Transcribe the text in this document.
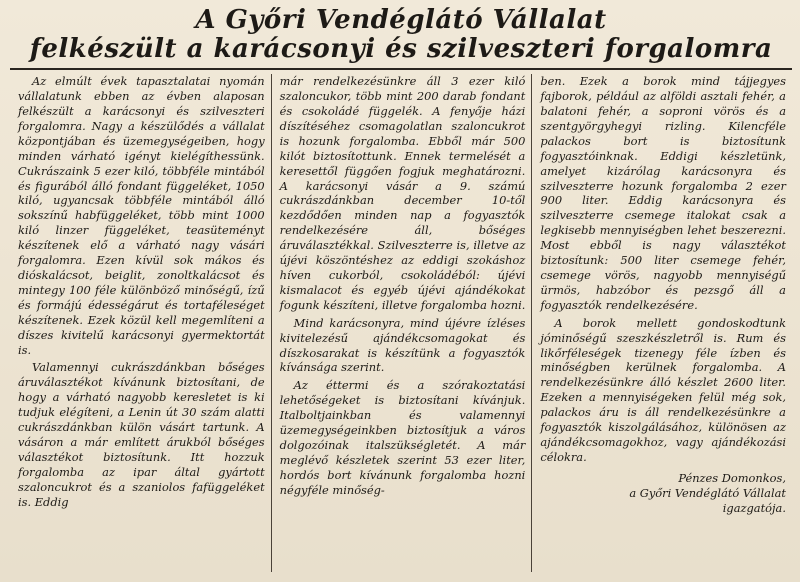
A Győri Vendéglátó Vállalat
felkészült a karácsonyi és szilveszteri forgalomra

Az elmúlt évek tapasztalatai nyomán vállalatunk ebben az évben alaposan felkészült a karácsonyi és szilveszteri forgalomra. Nagy a készülődés a vállalat központjában és üzemegységeiben, hogy minden várható igényt kielégíthessünk. Cukrászaink 5 ezer kiló, többféle mintából és figurából álló fondant függeléket, 1050 kiló, ugyancsak többféle mintából álló sokszínű habfüggeléket, több mint 1000 kiló linzer függeléket, teasüteményt készítenek elő a várható nagy vásári forgalomra. Ezen kívül sok mákos és dióskalácsot, beiglit, zonoltkalácsot és mintegy 100 féle különböző minőségű, ízű és formájú édességárut és tortaféleséget készítenek. Ezek közül kell megemlíteni a díszes kivitelű karácsonyi gyermektortát is.

Valamennyi cukrászdánkban bőséges áruválasztékot kívánunk biztosítani, de hogy a várható nagyobb keresletet is ki tudjuk elégíteni, a Lenin út 30 szám alatti cukrászdánkban külön vásárt tartunk. A vásáron a már említett árukból bőséges választékot biztosítunk. Itt hozzuk forgalomba az ipar által gyártott szaloncukrot és a szaniolos fafüggeléket is. Eddig

már rendelkezésünkre áll 3 ezer kiló szaloncukor, több mint 200 darab fondant és csokoládé függelék. A fenyője házi díszítéséhez csomagolatlan szaloncukrot is hozunk forgalomba. Ebből már 500 kilót biztosítottunk. Ennek termelését a keresettől függően fogjuk meghatározni. A karácsonyi vásár a 9. számú cukrászdánkban december 10-től kezdődően minden nap a fogyasztók rendelkezésére áll, bőséges áruválasztékkal. Szilveszterre is, illetve az újévi köszöntéshez az eddigi szokáshoz híven cukorból, csokoládéból: újévi kismalacot és egyéb újévi ajándékokat fogunk készíteni, illetve forgalomba hozni.

Mind karácsonyra, mind újévre ízléses kivitelezésű ajándékcsomagokat és díszkosarakat is készítünk a fogyasztók kívánsága szerint.

Az éttermi és a szórakoztatási lehetőségeket is biztosítani kívánjuk. Italboltjainkban és valamennyi üzemegységeinkben biztosítjuk a város dolgozóinak italszükségletét. A már meglévő készletek szerint 53 ezer liter, hordós bort kívánunk forgalomba hozni négyféle minőség-

ben. Ezek a borok mind tájjegyes fajborok, például az alföldi asztali fehér, a balatoni fehér, a soproni vörös és a szentgyörgyhegyi rizling. Kilencféle palackos bort is biztosítunk fogyasztóinknak. Eddigi készletünk, amelyet kizárólag karácsonyra és szilveszterre hozunk forgalomba 2 ezer 900 liter. Eddig karácsonyra és szilveszterre csemege italokat csak a legkisebb mennyiségben lehet beszerezni. Most ebből is nagy választékot biztosítunk: 500 liter csemege fehér, csemege vörös, nagyobb mennyiségű ürmös, habzóbor és pezsgő áll a fogyasztók rendelkezésére.

A borok mellett gondoskodtunk jóminőségű szeszkészletről is. Rum és likőrféleségek tizenegy féle ízben és minőségben kerülnek forgalomba. A rendelkezésünkre álló készlet 2600 liter. Ezeken a mennyiségeken felül még sok, palackos áru is áll rendelkezésünkre a fogyasztók kiszolgálásához, különösen az ajándékcsomagokhoz, vagy ajándékozási célokra.

Pénzes Domonkos,
a Győri Vendéglátó Vállalat
igazgatója.
